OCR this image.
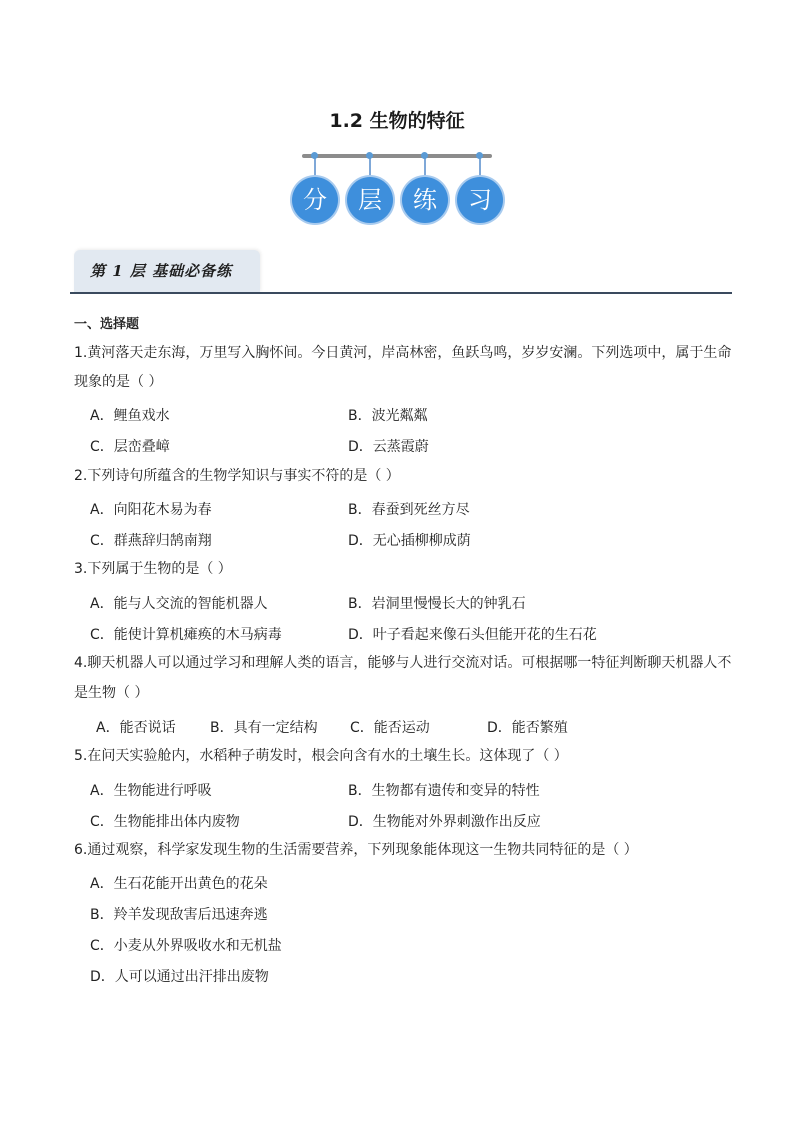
1.2 生物的特征
分	层	练	习
第 1 层 基础必备练
一、选择题
1.黄河落天走东海，万里写入胸怀间。今日黄河，岸高林密，鱼跃鸟鸣，岁岁安澜。下列选项中，属于生命
现象的是（ ）
A．鲤鱼戏水	B．波光粼粼
C．层峦叠嶂	D．云蒸霞蔚
2.下列诗句所蕴含的生物学知识与事实不符的是（ ）
A．向阳花木易为春	B．春蚕到死丝方尽
C．群燕辞归鹄南翔	D．无心插柳柳成荫
3.下列属于生物的是（ ）
A．能与人交流的智能机器人	B．岩洞里慢慢长大的钟乳石
C．能使计算机瘫痪的木马病毒	D．叶子看起来像石头但能开花的生石花
4.聊天机器人可以通过学习和理解人类的语言，能够与人进行交流对话。可根据哪一特征判断聊天机器人不
是生物（ ）
A．能否说话 B．具有一定结构 C．能否运动	D．能否繁殖
5.在问天实验舱内，水稻种子萌发时，根会向含有水的土壤生长。这体现了（ ）
A．生物能进行呼吸	B．生物都有遗传和变异的特性
C．生物能排出体内废物	D．生物能对外界刺激作出反应
6.通过观察，科学家发现生物的生活需要营养，下列现象能体现这一生物共同特征的是（ ）
A．生石花能开出黄色的花朵
B．羚羊发现敌害后迅速奔逃
C．小麦从外界吸收水和无机盐
D．人可以通过出汗排出废物
